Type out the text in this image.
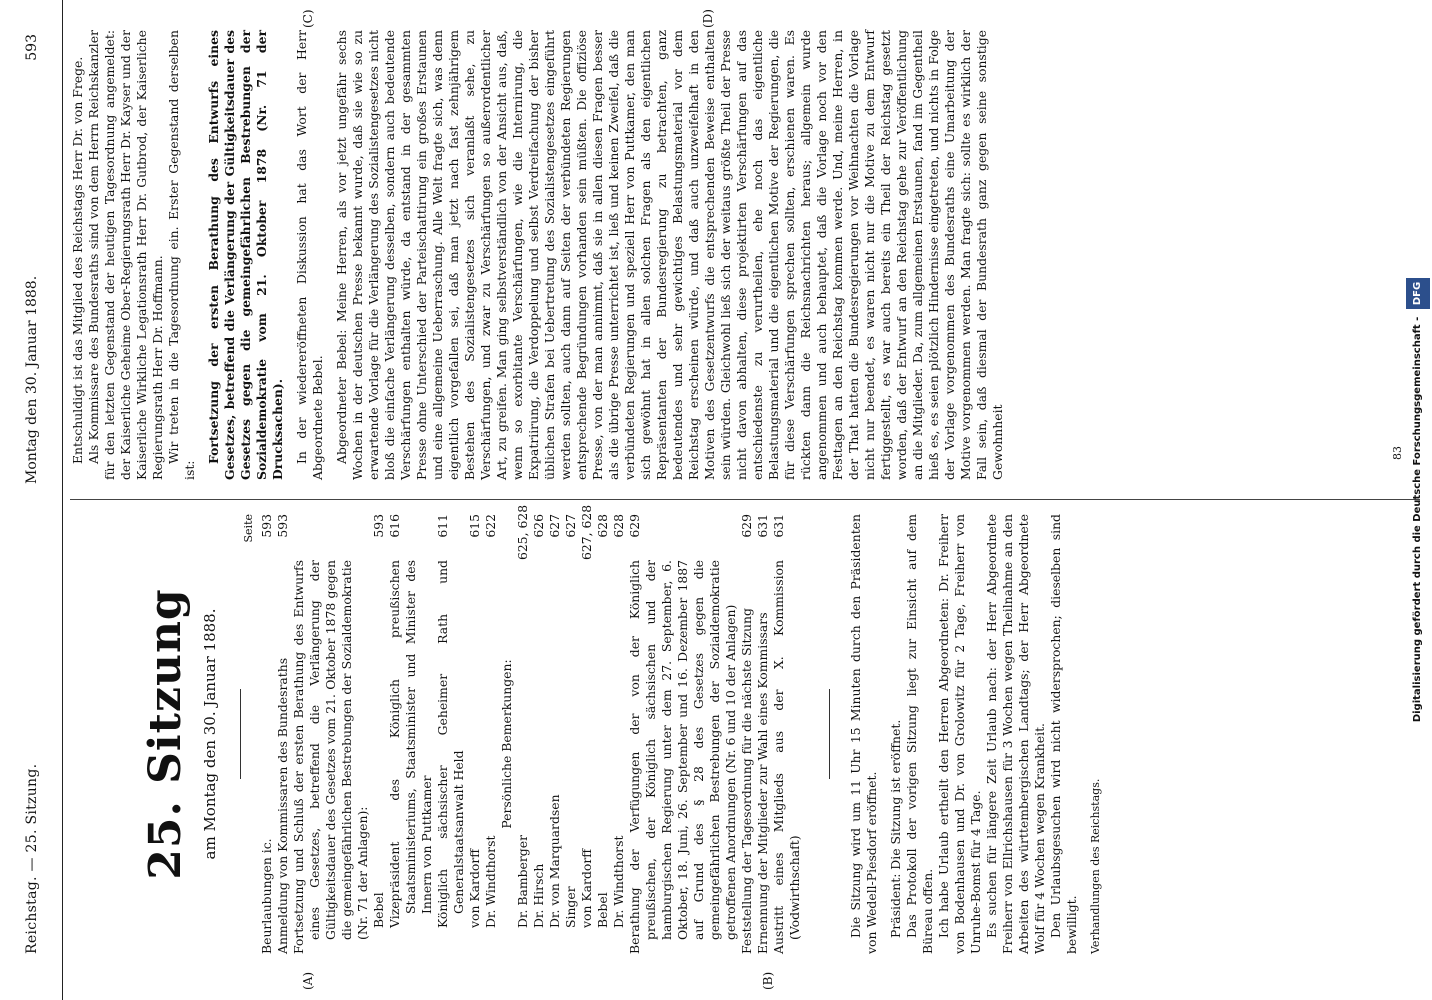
Reichstag. — 25. Sitzung.
Montag den 30. Januar 1888.
593
(A)	(B)
(C)	(D)
25. Sitzung am Montag den 30. Januar 1888.
Seite
Beurlaubungen ic.
593
Anmeldung von Kommissaren des Bundesraths
593
Fortsetzung und Schluß der ersten Berathung des Entwurfs eines Gesetzes, betreffend die Verlängerung der Gültigkeitsdauer des Gesetzes vom 21. Oktober 1878 gegen die gemeingefährlichen Bestrebungen der Sozialdemokratie (Nr. 71 der Anlagen): Bebel
593
Vizepräsident des Königlich preußischen Staatsministeriums, Staatsminister und Minister des Innern von Puttkamer
616
Königlich sächsischer Geheimer Rath und Generalstaatsanwalt Held
611
von Kardorff
615
Dr. Windthorst
622
Persönliche Bemerkungen:
Dr. Bamberger
625, 628
Dr. Hirsch
626
Dr. von Marquardsen
627
Singer
627
von Kardorff
627, 628
Bebel
628
Dr. Windthorst
628
Berathung der Verfügungen der von der Königlich preußischen, der Königlich sächsischen und der hamburgischen Regierung unter dem 27. September, 6. Oktober, 18. Juni, 26. September und 16. Dezember 1887 auf Grund des § 28 des Gesetzes gegen die gemeingefährlichen Bestrebungen der Sozialdemokratie getroffenen Anordnungen (Nr. 6 und 10 der Anlagen)
629
Feststellung der Tagesordnung für die nächste Sitzung
629
Ernennung der Mitglieder zur Wahl eines Kommissars
631
Austritt eines Mitglieds aus der X. Kommission (Vodwirthschaft)
631	Die Sitzung wird um 11 Uhr 15 Minuten durch den Präsidenten von Wedell-Piesdorf eröffnet. Präsident: Die Sitzung ist eröffnet. Das Protokoll der vorigen Sitzung liegt zur Einsicht auf dem Büreau offen. Ich habe Urlaub ertheilt den Herren Abgeordneten: Dr. Freiherr von Bodenhausen und Dr. von Grolowitz für 2 Tage, Freiherr von Unruhe-Bomst für 4 Tage. Es suchen für längere Zeit Urlaub nach: der Herr Abgeordnete Freiherr von Ellrichshausen für 3 Wochen wegen Theilnahme an den Arbeiten des württembergischen Landtags; der Herr Abgeordnete Wolf für 4 Wochen wegen Krankheit. Den Urlaubsgesuchen wird nicht widersprochen; dieselben sind bewilligt. Verhandlungen des Reichstags.

Entschuldigt ist das Mitglied des Reichstags Herr Dr. von Frege. Als Kommissare des Bundesraths sind von dem Herrn Reichskanzler für den letzten Gegenstand der heutigen Tagesordnung angemeldet: der Kaiserliche Geheime Ober-Regierungsrath Herr Dr. Kayser und der Kaiserliche Wirkliche Legationsrath Herr Dr. Gutbrod, der Kaiserliche Regierungsrath Herr Dr. Hoffmann. Wir treten in die Tagesordnung ein. Erster Gegenstand derselben ist:

Fortsetzung der ersten Berathung des Entwurfs eines Gesetzes, betreffend die Verlängerung der Gültigkeitsdauer des Gesetzes gegen die gemeingefährlichen Bestrebungen der Sozialdemokratie vom 21. Oktober 1878 (Nr. 71 der Drucksachen). In der wiedereröffneten Diskussion hat das Wort der Herr Abgeordnete Bebel. Abgeordneter Bebel: Meine Herren, als vor jetzt ungefähr sechs Wochen in der deutschen Presse bekannt wurde, daß sie wie so zu erwartende Vorlage für die Verlängerung des Sozialistengesetzes nicht bloß die einfache Verlängerung desselben, sondern auch bedeutende Verschärfungen enthalten würde, da entstand in der gesammten Presse ohne Unterschied der Parteischattirung ein großes Erstaunen und eine allgemeine Ueberraschung. Alle Welt fragte sich, was denn eigentlich vorgefallen sei, daß man jetzt nach fast zehnjährigem Bestehen des Sozialistengesetzes sich veranlaßt sehe, zu Verschärfungen, und zwar zu Verschärfungen so außerordentlicher Art, zu greifen. Man ging selbstverständlich von der Ansicht aus, daß, wenn so exorbitante Verschärfungen, wie die Internirung, die Expatriirung, die Verdoppelung und selbst Verdreifachung der bisher üblichen Strafen bei Uebertretung des Sozialistengesetzes eingeführt werden sollten, auch dann auf Seiten der verbündeten Regierungen entsprechende Begründungen vorhanden sein müßten. Die offiziöse Presse, von der man annimmt, daß sie in allen diesen Fragen besser als die übrige Presse unterrichtet ist, ließ und keinen Zweifel, daß die verbündeten Regierungen und speziell Herr von Puttkamer, den man sich gewöhnt hat in allen solchen Fragen als den eigentlichen Repräsentanten der Bundesregierung zu betrachten, ganz bedeutendes und sehr gewichtiges Belastungsmaterial vor dem Reichstag erscheinen würde, und daß auch unzweifelhaft in den Motiven des Gesetzentwurfs die entsprechenden Beweise enthalten sein würden. Gleichwohl ließ sich der weitaus größte Theil der Presse nicht davon abhalten, diese projektirten Verschärfungen auf das entschiedenste zu verurtheilen, ehe noch das eigentliche Belastungsmaterial und die eigentlichen Motive der Regierungen, die für diese Verschärfungen sprechen sollten, erschienen waren. Es rückten dann die Reichsnachrichten heraus; allgemein wurde angenommen und auch behauptet, daß die Vorlage noch vor den Festtagen an den Reichstag kommen werde. Und, meine Herren, in der That hatten die Bundesregierungen vor Weihnachten die Vorlage nicht nur beendet, es waren nicht nur die Motive zu dem Entwurf fertiggestellt, es war auch bereits ein Theil der Reichstag gesetzt worden, daß der Entwurf an den Reichstag gehe zur Veröffentlichung an die Mitglieder. Da, zum allgemeinen Erstaunen, fand im Gegentheil hieß es, es seien plötzlich Hindernisse eingetreten, und nichts in Folge der Vorlage vorgenommen des Bundesraths eine Umarbeitung der Motive vorgenommen werden. Man fragte sich: sollte es wirklich der Fall sein, daß diesmal der Bundesrath ganz gegen seine sonstige Gewohnheit	83 Digitalisierung gefördert durch die Deutsche Forschungsgemeinschaft - DFG
